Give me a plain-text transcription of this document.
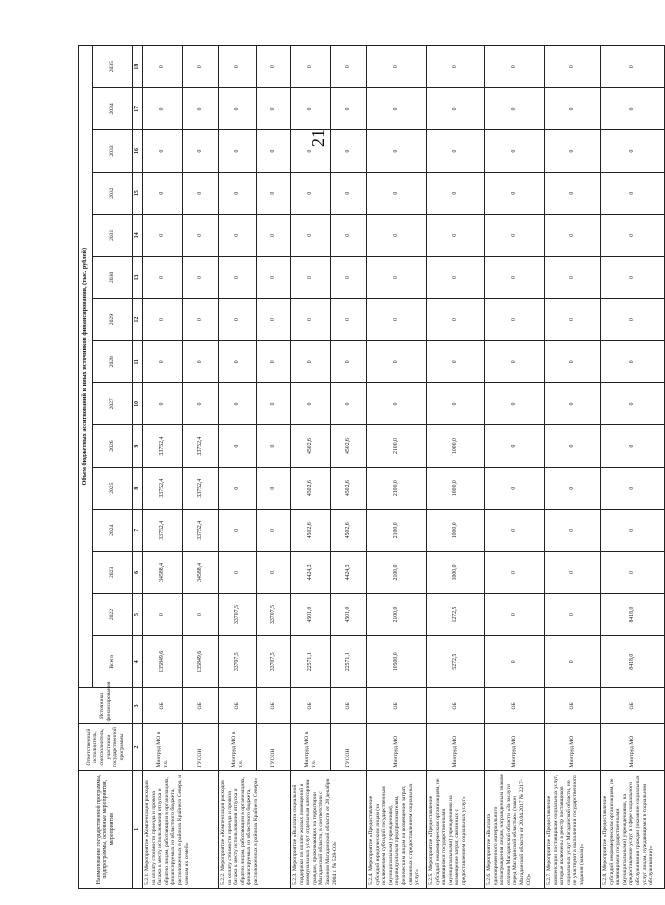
21
Наименование государственной программы, подпрограммы, основные мероприятия, мероприятия	Ответственный исполнитель, соисполнитель, участники государственной программы	Источники финансирования	Объем бюджетных ассигнований и иных источников финансирования, (тыс. рублей)														
			Всего	2022	2023	2024	2025	2026	2027	2028	2029	2030	2031	2032	2033	2034	2035
1	2	3	4	5	6	7	8	9	10	11	12	13	14	15	16	17	18
5.2.1. Мероприятие «Компенсация расходов на оплату стоимости проезда и провоза багажа к месту использования отпуска и обратно лицам, работающим в организациях, финансируемых из областного бюджета, расположенных в районах Крайнего Севера, и членам их семей»	Минтруд МО в т.ч.	ОБ	135849,6	0	34588,4	33752,4	33752,4	33752,4	0	0	0	0	0	0	0	0	0
	ГУСОН	ОБ	135849,6	0	34588,4	33752,4	33752,4	33752,4	0	0	0	0	0	0	0	0	0
5.2.2. Мероприятие «Компенсация расходов на оплату стоимости проезда и провоза багажа к месту использования отпуска и обратно лицам, работающим в организациях, финансируемых из областного бюджета, расположенных в районах Крайнего Севера»	Минтруд МО в т.ч.	ОБ	33707,5	33707,5	0	0	0	0	0	0	0	0	0	0	0	0	0
	ГУСОН	ОБ	33707,5	33707,5	0	0	0	0	0	0	0	0	0	0	0	0	0
5.2.3. Мероприятие «Выплата социальной поддержки по оплате жилых помещений и коммунальных услуг отдельным категориям граждан, проживающих на территории Магаданской области, в соответствии с Законом Магаданской области от 28 декабря 2004 г. № 528-ОЗ»	Минтруд МО в т.ч.	ОБ	22571,1	4501,0	4424,3	4502,6	4502,6	4502,6	0	0	0	0	0	0	0	0	0
	ГУСОН	ОБ	22571,1	4501,0	4424,3	4502,6	4502,6	4502,6	0	0	0	0	0	0	0	0	0
5.2.4. Мероприятие «Предоставление субсидий юридическим лицам (за исключением субсидий государственным (муниципальным) учреждениям), индивидуальным предпринимателям, физическим лицам на возмещение затрат, связанных с предоставлением социальных услуг»	Минтруд МО	ОБ	10500,0	2100,0	2100,0	2100,0	2100,0	2100,0	0	0	0	0	0	0	0	0	0
5.2.5. Мероприятие «Предоставление субсидий некоммерческим организациям, не являющимся государственными (муниципальными) учреждениями на возмещение затрат, связанных с предоставлением социальных услуг»	Минтруд МО	ОБ	5272,5	1272,5	1000,0	1000,0	1000,0	1000,0	0	0	0	0	0	0	0	0	0
5.2.6. Мероприятие «Выплата единовременного материального вознаграждения лицам, награжденным знаком отличия Магаданской области «За заслуги перед Магаданской областью» (закон Магаданской области от 20.04.2017 № 2217-ОЗ)»	Минтруд МО	ОБ	0	0	0	0	0	0	0	0	0	0	0	0	0	0	0
5.2.7. Мероприятие «Предоставление компенсации поставщикам социальных услуг, которые включены в реестр поставщиков социальных услуг Магаданской области, но не участвуют в выполнении государственного задания (заказа)»	Минтруд МО	ОБ	0	0	0	0	0	0	0	0	0	0	0	0	0	0	0
5.2.8. Мероприятие «Предоставление субсидий некоммерческим организациям, не являющимся государственными (муниципальными) учреждениями, на предоставление услуг в сфере социального обслуживания граждан (оказание социальных услуг лицам, нуждающимся в социальном обслуживании)»	Минтруд МО	ОБ	8418,0	8418,0	0	0	0	0	0	0	0	0	0	0	0	0	0
